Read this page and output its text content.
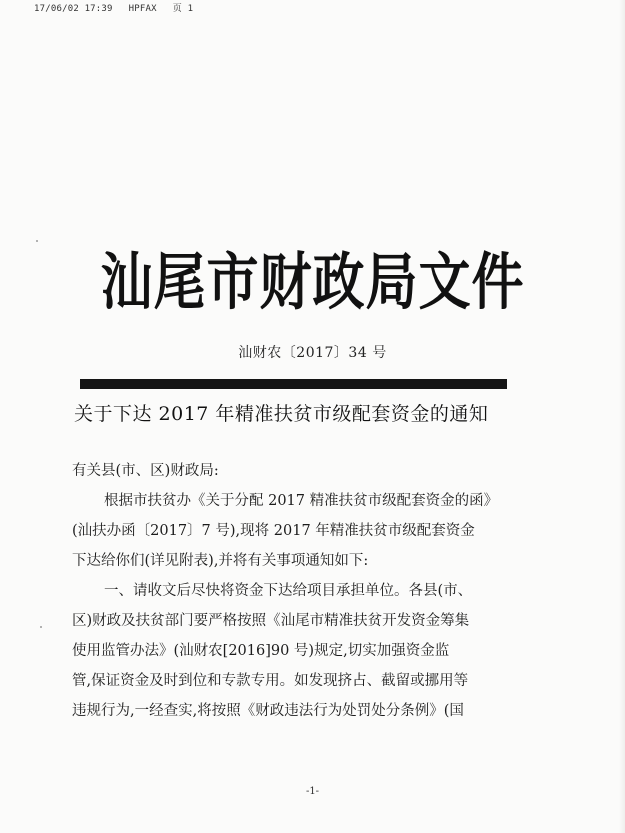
17/06/02 17:39 HPFAX 页 1
汕尾市财政局文件
汕财农〔2017〕34 号
关于下达 2017 年精准扶贫市级配套资金的通知
有关县(市、区)财政局:
根据市扶贫办《关于分配 2017 精准扶贫市级配套资金的函》
(汕扶办函〔2017〕7 号),现将 2017 年精准扶贫市级配套资金
下达给你们(详见附表),并将有关事项通知如下:
一、请收文后尽快将资金下达给项目承担单位。各县(市、
区)财政及扶贫部门要严格按照《汕尾市精准扶贫开发资金筹集
使用监管办法》(汕财农[2016]90 号)规定,切实加强资金监
管,保证资金及时到位和专款专用。如发现挤占、截留或挪用等
违规行为,一经查实,将按照《财政违法行为处罚处分条例》(国
-1-
